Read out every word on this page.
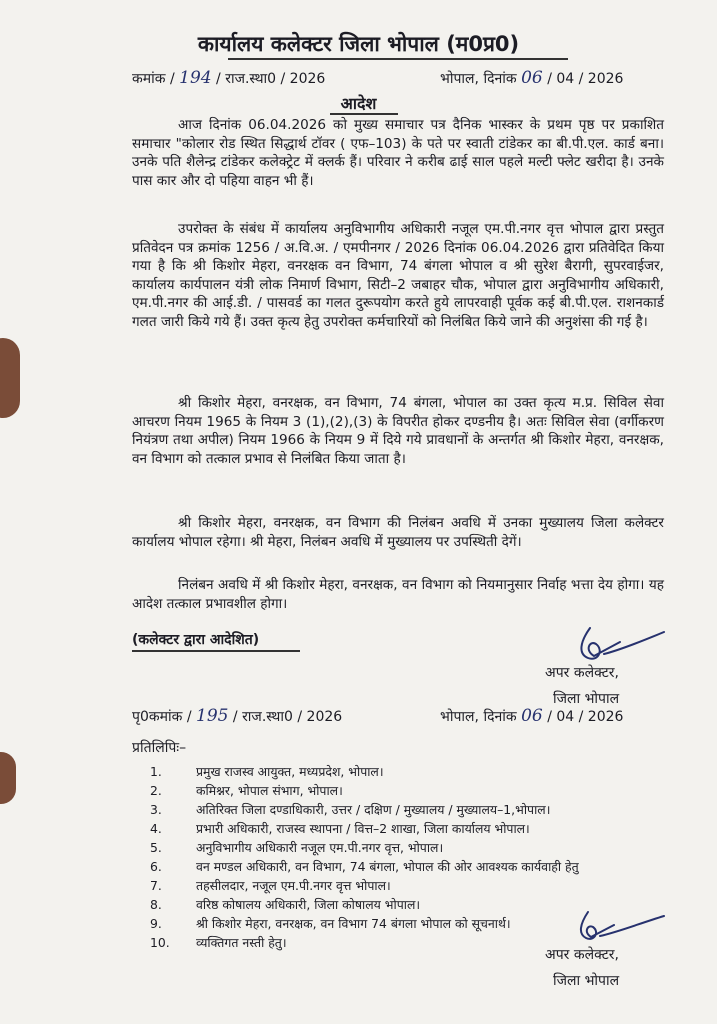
कार्यालय कलेक्टर जिला भोपाल (म0प्र0)
कमांक / 194 / राज.स्था0 / 2026	भोपाल, दिनांक 06 / 04 / 2026
आदेश
आज दिनांक 06.04.2026 को मुख्य समाचार पत्र दैनिक भास्कर के प्रथम पृष्ठ पर प्रकाशित समाचार "कोलार रोड स्थित सिद्धार्थ टॉवर ( एफ–103) के पते पर स्वाती टांडेकर का बी.पी.एल. कार्ड बना। उनके पति शैलेन्द्र टांडेकर कलेक्ट्रेट में क्लर्क हैं। परिवार ने करीब ढाई साल पहले मल्टी फ्लेट खरीदा है। उनके पास कार और दो पहिया वाहन भी हैं।
उपरोक्त के संबंध में कार्यालय अनुविभागीय अधिकारी नजूल एम.पी.नगर वृत्त भोपाल द्वारा प्रस्तुत प्रतिवेदन पत्र क्रमांक 1256 / अ.वि.अ. / एमपीनगर / 2026 दिनांक 06.04.2026 द्वारा प्रतिवेदित किया गया है कि श्री किशोर मेहरा, वनरक्षक वन विभाग, 74 बंगला भोपाल व श्री सुरेश बैरागी, सुपरवाईजर, कार्यालय कार्यपालन यंत्री लोक निमार्ण विभाग, सिटी–2 जबाहर चौक, भोपाल द्वारा अनुविभागीय अधिकारी, एम.पी.नगर की आई.डी. / पासवर्ड का गलत दुरूपयोग करते हुये लापरवाही पूर्वक कई बी.पी.एल. राशनकार्ड गलत जारी किये गये हैं। उक्त कृत्य हेतु उपरोक्त कर्मचारियों को निलंबित किये जाने की अनुशंसा की गई है।
श्री किशोर मेहरा, वनरक्षक, वन विभाग, 74 बंगला, भोपाल का उक्त कृत्य म.प्र. सिविल सेवा आचरण नियम 1965 के नियम 3 (1),(2),(3) के विपरीत होकर दण्डनीय है। अतः सिविल सेवा (वर्गीकरण नियंत्रण तथा अपील) नियम 1966 के नियम 9 में दिये गये प्रावधानों के अन्तर्गत श्री किशोर मेहरा, वनरक्षक, वन विभाग को तत्काल प्रभाव से निलंबित किया जाता है।
श्री किशोर मेहरा, वनरक्षक, वन विभाग की निलंबन अवधि में उनका मुख्यालय जिला कलेक्टर कार्यालय भोपाल रहेगा। श्री मेहरा, निलंबन अवधि में मुख्यालय पर उपस्थिती देगें।
निलंबन अवधि में श्री किशोर मेहरा, वनरक्षक, वन विभाग को नियमानुसार निर्वाह भत्ता देय होगा। यह आदेश तत्काल प्रभावशील होगा।
(कलेक्टर द्वारा आदेशित)
अपर कलेक्टर,
जिला भोपाल
पृ0कमांक / 195 / राज.स्था0 / 2026	भोपाल, दिनांक 06 / 04 / 2026
प्रतिलिपिः–
1.	प्रमुख राजस्व आयुक्त, मध्यप्रदेश, भोपाल।
2.	कमिश्नर, भोपाल संभाग, भोपाल।
3.	अतिरिक्त जिला दण्डाधिकारी, उत्तर / दक्षिण / मुख्यालय / मुख्यालय–1,भोपाल।
4.	प्रभारी अधिकारी, राजस्व स्थापना / वित्त–2 शाखा, जिला कार्यालय भोपाल।
5.	अनुविभागीय अधिकारी नजूल एम.पी.नगर वृत्त, भोपाल।
6.	वन मण्डल अधिकारी, वन विभाग, 74 बंगला, भोपाल की ओर आवश्यक कार्यवाही हेतु
7.	तहसीलदार, नजूल एम.पी.नगर वृत्त भोपाल।
8.	वरिष्ठ कोषालय अधिकारी, जिला कोषालय भोपाल।
9.	श्री किशोर मेहरा, वनरक्षक, वन विभाग 74 बंगला भोपाल को सूचनार्थ।
10. व्यक्तिगत नस्ती हेतु।
अपर कलेक्टर,
जिला भोपाल
